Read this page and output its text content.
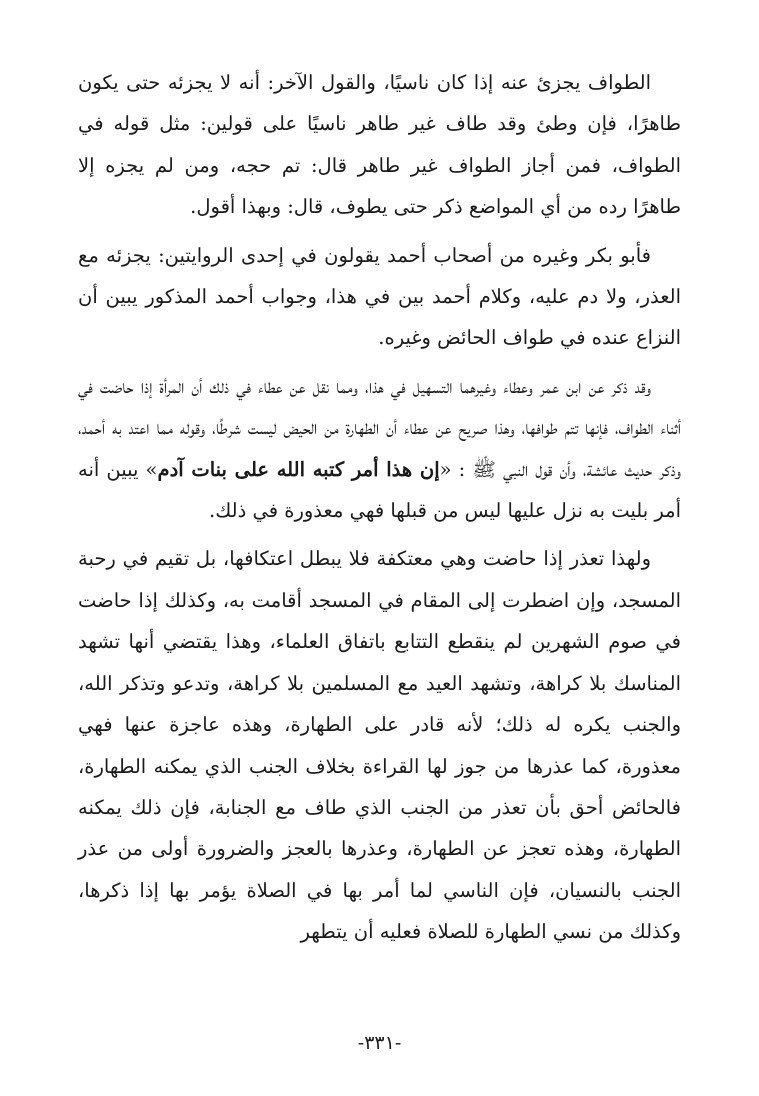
الطواف يجزئ عنه إذا كان ناسيًا، والقول الآخر: أنه لا يجزئه حتى يكون طاهرًا، فإن وطئ وقد طاف غير طاهر ناسيًا على قولين: مثل قوله في الطواف، فمن أجاز الطواف غير طاهر قال: تم حجه، ومن لم يجزه إلا طاهرًا رده من أي المواضع ذكر حتى يطوف، قال: وبهذا أقول.

فأبو بكر وغيره من أصحاب أحمد يقولون في إحدى الروايتين: يجزئه مع العذر، ولا دم عليه، وكلام أحمد بين في هذا، وجواب أحمد المذكور يبين أن النزاع عنده في طواف الحائض وغيره.

وقد ذكر عن ابن عمر وعطاء وغيرهما التسهيل في هذا، ومما نقل عن عطاء في ذلك أن المرأة إذا حاضت في أثناء الطواف، فإنها تتم طوافها، وهذا صريح عن عطاء أن الطهارة من الحيض ليست شرطًا، وقوله مما اعتد به أحمد، وذكر حديث عائشة، وأن قول النبي ﷺ : «إن هذا أمر كتبه الله على بنات آدم» يبين أنه أمر بليت به نزل عليها ليس من قبلها فهي معذورة في ذلك.

ولهذا تعذر إذا حاضت وهي معتكفة فلا يبطل اعتكافها، بل تقيم في رحبة المسجد، وإن اضطرت إلى المقام في المسجد أقامت به، وكذلك إذا حاضت في صوم الشهرين لم ينقطع التتابع باتفاق العلماء، وهذا يقتضي أنها تشهد المناسك بلا كراهة، وتشهد العيد مع المسلمين بلا كراهة، وتدعو وتذكر الله، والجنب يكره له ذلك؛ لأنه قادر على الطهارة، وهذه عاجزة عنها فهي معذورة، كما عذرها من جوز لها القراءة بخلاف الجنب الذي يمكنه الطهارة، فالحائض أحق بأن تعذر من الجنب الذي طاف مع الجنابة، فإن ذلك يمكنه الطهارة، وهذه تعجز عن الطهارة، وعذرها بالعجز والضرورة أولى من عذر الجنب بالنسيان، فإن الناسي لما أمر بها في الصلاة يؤمر بها إذا ذكرها، وكذلك من نسي الطهارة للصلاة فعليه أن يتطهر

-٣٣١-
